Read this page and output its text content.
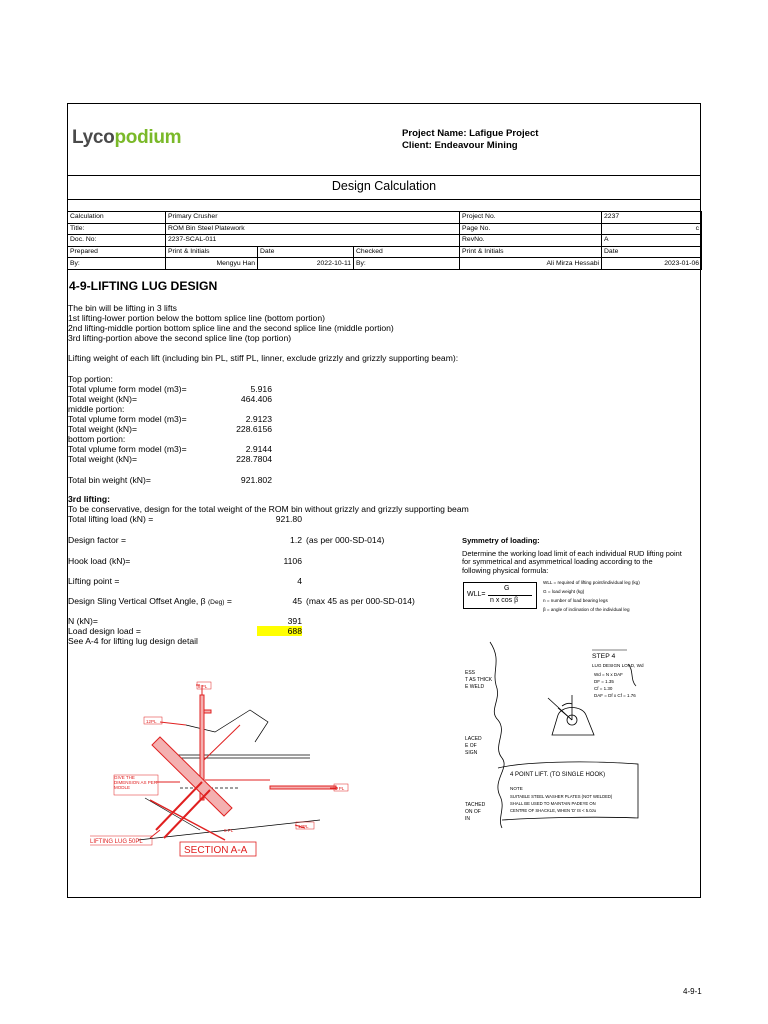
Lycopodium	Project Name: Lafigue Project
Client: Endeavour Mining
Design Calculation
Calculation	Primary Crusher			Project No.	2237
Title:	ROM Bin Steel Platework			Page No.	c
Doc. No:	2237-SCAL-011			RevNo.	A
Prepared	Print & Initials	Date	Checked	Print & Initials	Date
By:	Mengyu Han	2022-10-11	By:	Ali Mirza Hessabi	2023-01-06
4-9-LIFTING LUG DESIGN
The bin will be lifting in 3 lifts
1st lifting-lower portion below the bottom splice line (bottom portion)
2nd lifting-middle portion bottom splice line and the second splice line (middle portion)
3rd lifting-portion above the second splice line (top portion)
Lifting weight of each lift (including bin PL, stiff PL, linner, exclude grizzly and grizzly supporting beam):
Top portion:
Total vplume form model (m3)=	5.916
Total weight (kN)=	464.406
middle portion:
Total vplume form model (m3)=	2.9123
Total weight (kN)=	228.6156
bottom portion:
Total vplume form model (m3)=	2.9144
Total weight (kN)=	228.7804
Total bin weight (kN)=	921.802
3rd lifting:
To be conservative, design for the total weight of the ROM bin without grizzly and grizzly supporting beam
Total lifting load (kN) =	921.80
Design factor =	1.2 (as per 000-SD-014)
Hook load (kN)=	1106
Lifting point =	4
Design Sling Vertical Offset Angle, β (Deg) =	45 (max 45 as per 000-SD-014)
N (kN)=	391
Load design load =	688
See A-4 for lifting lug design detail
Symmetry of loading:
Determine the working load limit of each individual RUD lifting point for symmetrical and asymmetrical loading according to the following physical formula:
WLL=
G
n x cos β
WLL = required of lifting point/individual leg (kg)
G = load weight (kg)
n = number of load bearing legs
β = angle of inclination of the individual leg
8 PL
12PL
8 PL
12PL
8 PL
GIVE THE DIMENSION AS PER MODLE
LIFTING LUG 50PL
SECTION A-A
STEP 4
LUG DESIGN LOAD, Wd
Wd = N x DAF
DF = 1.35
Cf = 1.30
DAF = Df x Cf = 1.76
ESS
T AS THICK
E WELD
LACED
E OF
SIGN
TACHED
ON OF
IN
4 POINT LIFT. (TO SINGLE HOOK)
NOTE
SUITABLE STEEL WASHER PLATES (NOT WELDED)
SHALL BE USED TO MAINTAIN PADEYE ON
CENTRE OF SHACKLE, WHEN 'D' IS < 5.0Ju
4-9-1
